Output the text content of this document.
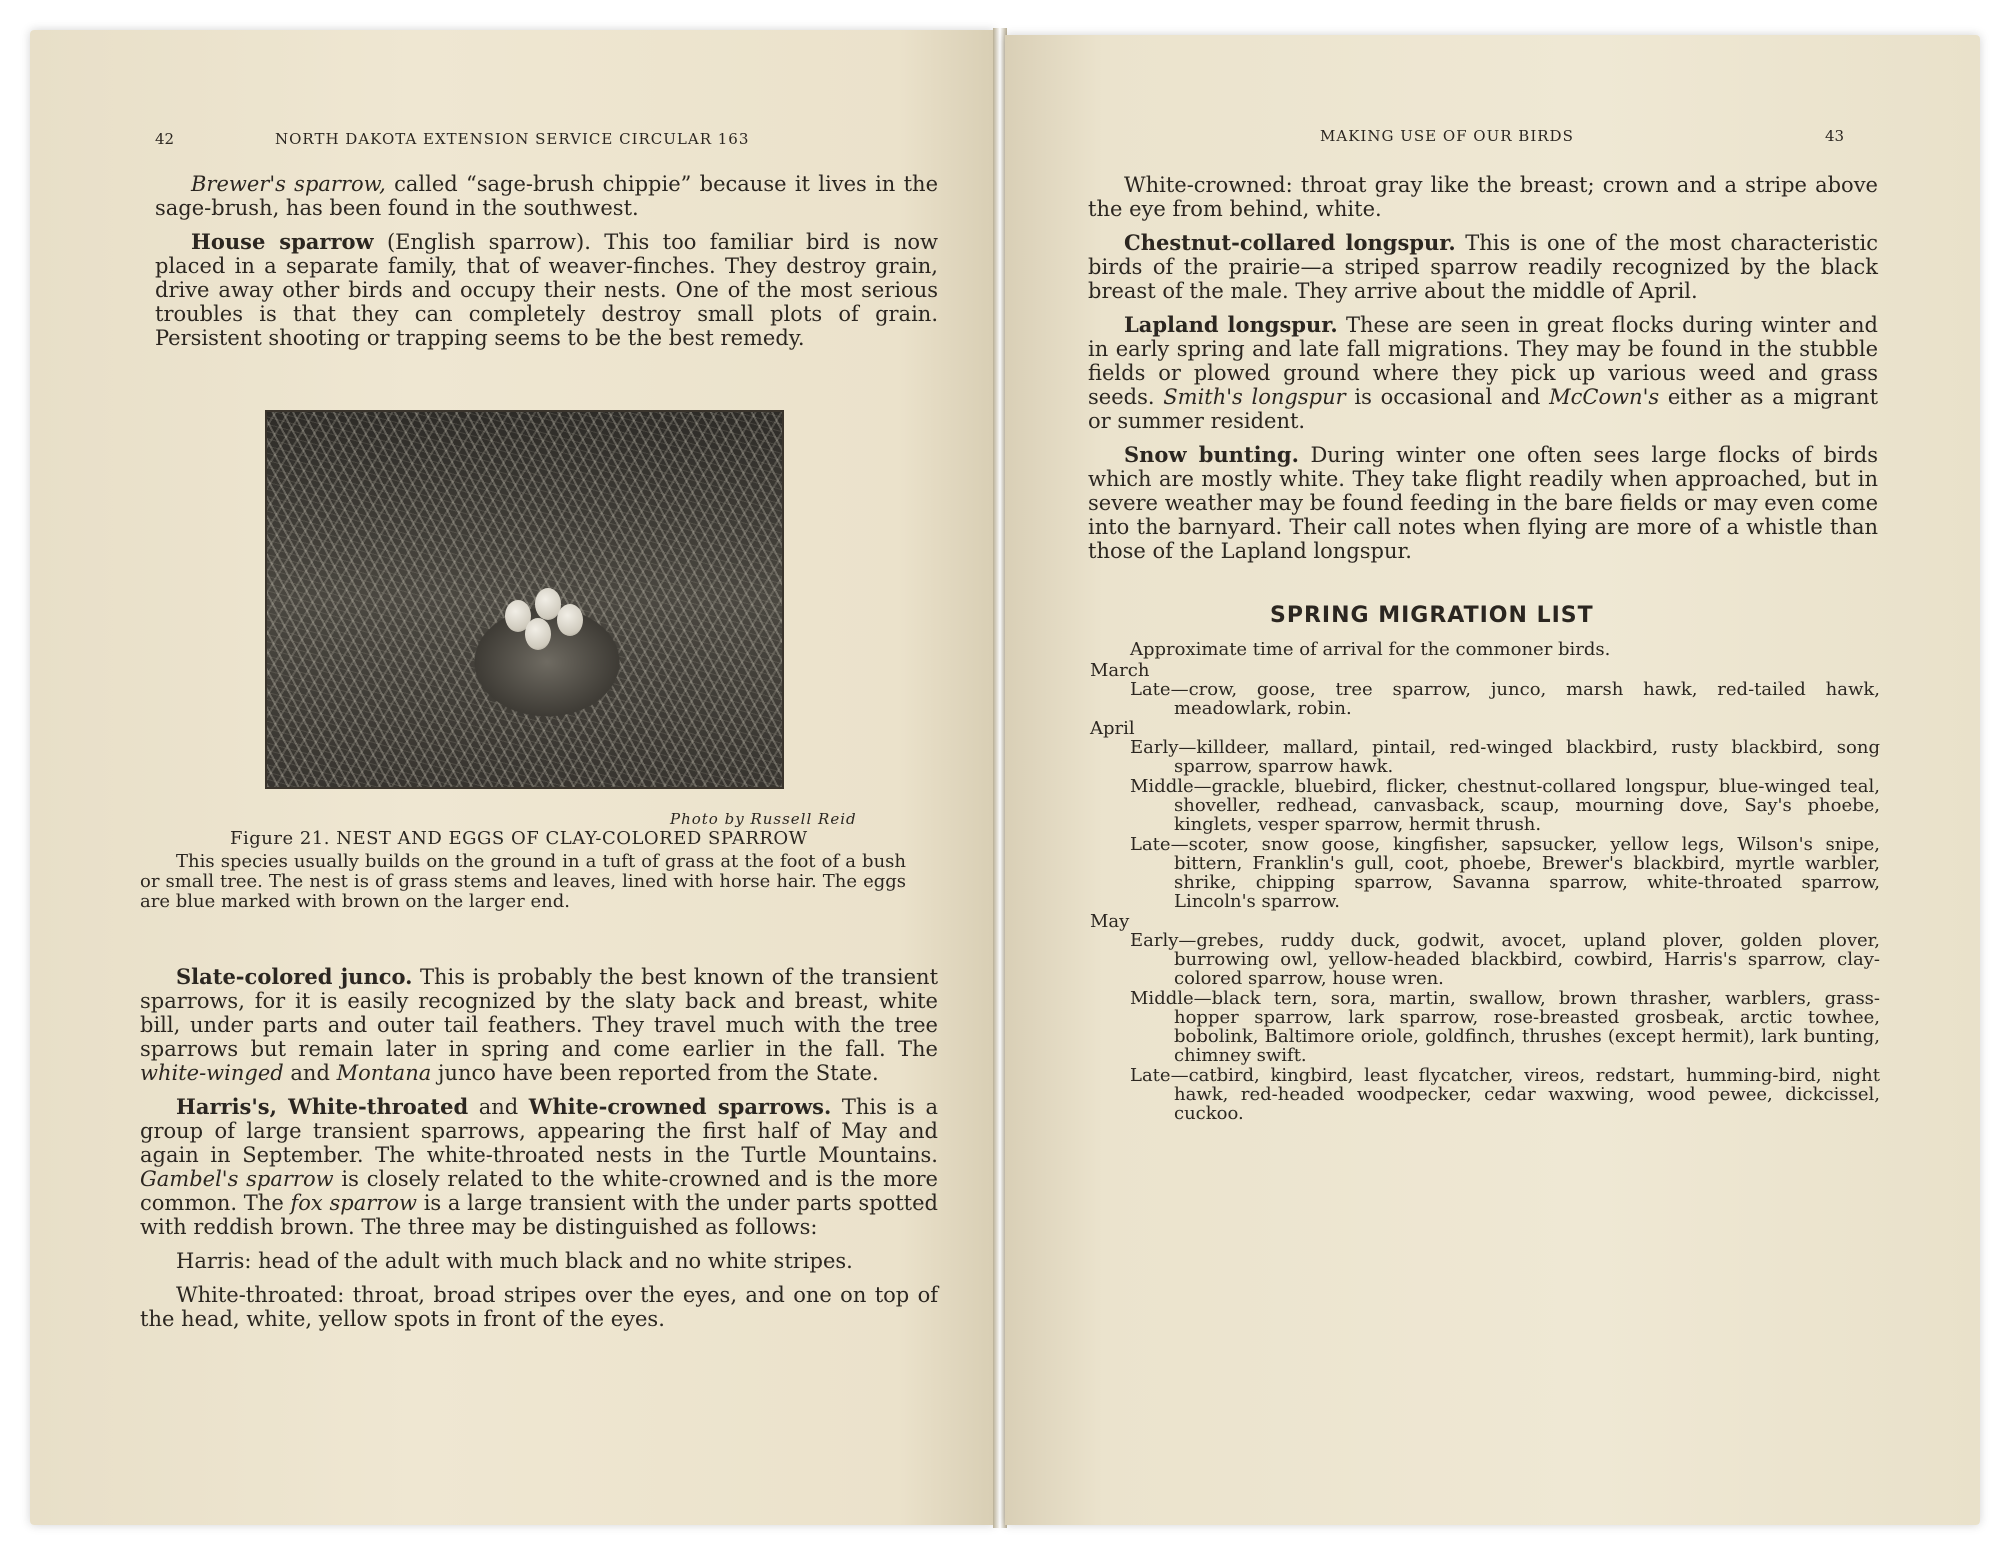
42	NORTH DAKOTA EXTENSION SERVICE CIRCULAR 163

Brewer's sparrow, called “sage-brush chippie” because it lives in the sage-brush, has been found in the southwest.

House sparrow (English sparrow). This too familiar bird is now placed in a separate family, that of weaver-finches. They destroy grain, drive away other birds and occupy their nests. One of the most serious troubles is that they can completely destroy small plots of grain. Persistent shooting or trapping seems to be the best remedy.

Photo by Russell Reid
Figure 21. NEST AND EGGS OF CLAY-COLORED SPARROW

This species usually builds on the ground in a tuft of grass at the foot of a bush or small tree. The nest is of grass stems and leaves, lined with horse hair. The eggs are blue marked with brown on the larger end.

Slate-colored junco. This is probably the best known of the transient sparrows, for it is easily recognized by the slaty back and breast, white bill, under parts and outer tail feathers. They travel much with the tree sparrows but remain later in spring and come earlier in the fall. The white-winged and Montana junco have been reported from the State.

Harris's, White-throated and White-crowned sparrows. This is a group of large transient sparrows, appearing the first half of May and again in September. The white-throated nests in the Turtle Mountains. Gambel's sparrow is closely related to the white-crowned and is the more common. The fox sparrow is a large transient with the under parts spotted with reddish brown. The three may be distinguished as follows:

Harris: head of the adult with much black and no white stripes.

White-throated: throat, broad stripes over the eyes, and one on top of the head, white, yellow spots in front of the eyes.

MAKING USE OF OUR BIRDS	43

White-crowned: throat gray like the breast; crown and a stripe above the eye from behind, white.

Chestnut-collared longspur. This is one of the most characteristic birds of the prairie—a striped sparrow readily recognized by the black breast of the male. They arrive about the middle of April.

Lapland longspur. These are seen in great flocks during winter and in early spring and late fall migrations. They may be found in the stubble fields or plowed ground where they pick up various weed and grass seeds. Smith's longspur is occasional and McCown's either as a migrant or summer resident.

Snow bunting. During winter one often sees large flocks of birds which are mostly white. They take flight readily when approached, but in severe weather may be found feeding in the bare fields or may even come into the barnyard. Their call notes when flying are more of a whistle than those of the Lapland longspur.

SPRING MIGRATION LIST

Approximate time of arrival for the commoner birds.

March

Late—crow, goose, tree sparrow, junco, marsh hawk, red-tailed hawk, meadowlark, robin.

April

Early—killdeer, mallard, pintail, red-winged blackbird, rusty blackbird, song sparrow, sparrow hawk.

Middle—grackle, bluebird, flicker, chestnut-collared longspur, blue-winged teal, shoveller, redhead, canvasback, scaup, mourning dove, Say's phoebe, kinglets, vesper sparrow, hermit thrush.

Late—scoter, snow goose, kingfisher, sapsucker, yellow legs, Wilson's snipe, bittern, Franklin's gull, coot, phoebe, Brewer's blackbird, myrtle warbler, shrike, chipping sparrow, Savanna sparrow, white-throated sparrow, Lincoln's sparrow.

May

Early—grebes, ruddy duck, godwit, avocet, upland plover, golden plover, burrowing owl, yellow-headed blackbird, cowbird, Harris's sparrow, clay-colored sparrow, house wren.

Middle—black tern, sora, martin, swallow, brown thrasher, warblers, grass-hopper sparrow, lark sparrow, rose-breasted grosbeak, arctic towhee, bobolink, Baltimore oriole, goldfinch, thrushes (except hermit), lark bunting, chimney swift.

Late—catbird, kingbird, least flycatcher, vireos, redstart, humming-bird, night hawk, red-headed woodpecker, cedar waxwing, wood pewee, dickcissel, cuckoo.
